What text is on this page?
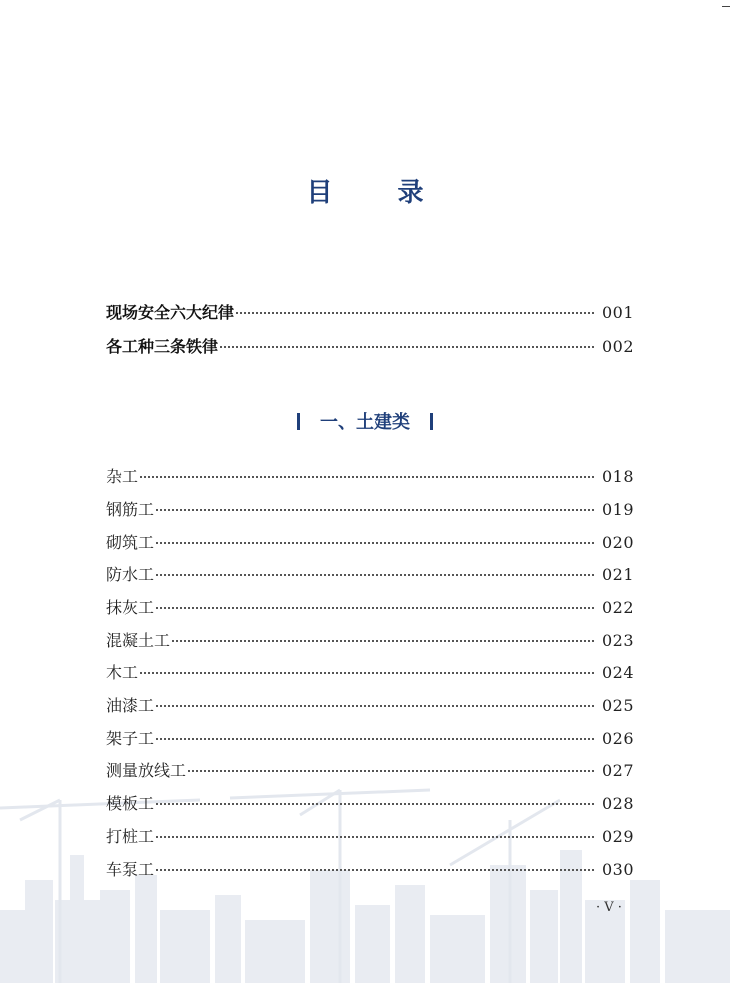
目 录
现场安全六大纪律	001
各工种三条铁律	002
一、土建类
杂工	018
钢筋工	019
砌筑工	020
防水工	021
抹灰工	022
混凝土工	023
木工	024
油漆工	025
架子工	026
测量放线工	027
模板工	028
打桩工	029
车泵工	030
· V ·
